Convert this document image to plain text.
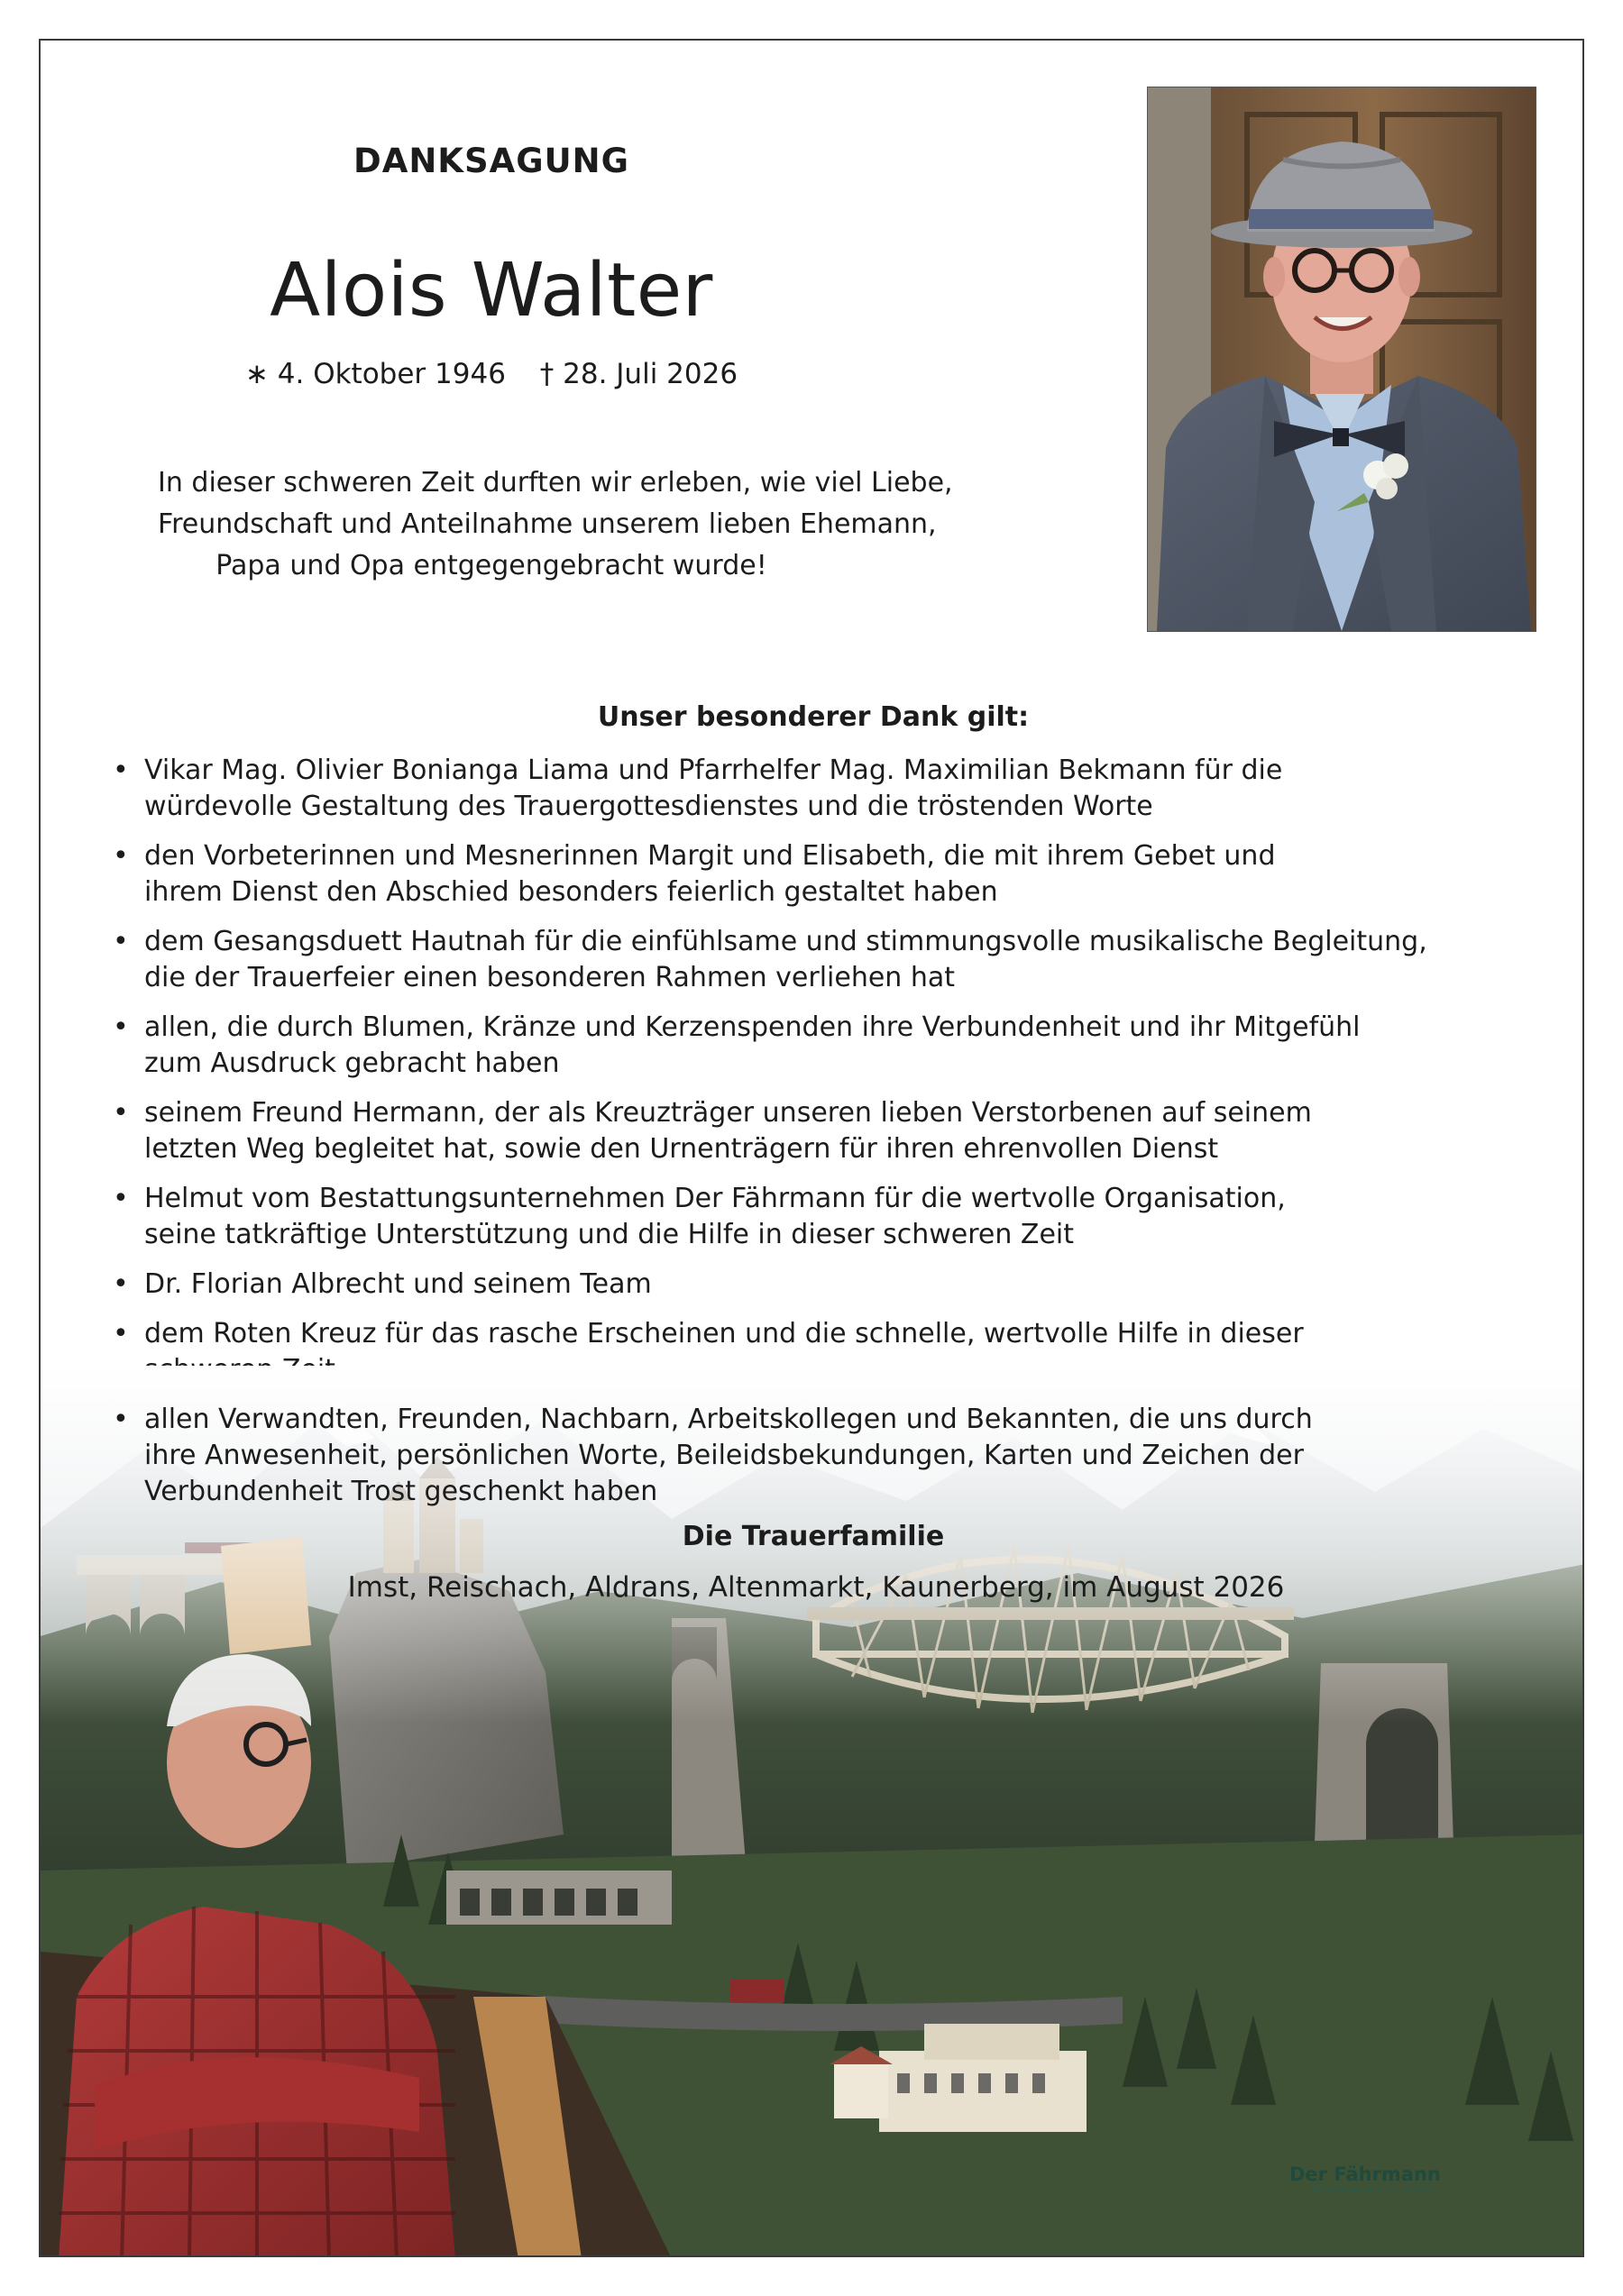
DANKSAGUNG
Alois Walter
∗ 4. Oktober 1946 † 28. Juli 2026
In dieser schweren Zeit durften wir erleben, wie viel Liebe,
Freundschaft und Anteilnahme unserem lieben Ehemann,
Papa und Opa entgegengebracht wurde!
Unser besonderer Dank gilt:
• Vikar Mag. Olivier Bonianga Liama und Pfarrhelfer Mag. Maximilian Bekmann für die
würdevolle Gestaltung des Trauergottesdienstes und die tröstenden Worte
• den Vorbeterinnen und Mesnerinnen Margit und Elisabeth, die mit ihrem Gebet und
ihrem Dienst den Abschied besonders feierlich gestaltet haben
• dem Gesangsduett Hautnah für die einfühlsame und stimmungsvolle musikalische Begleitung,
die der Trauerfeier einen besonderen Rahmen verliehen hat
• allen, die durch Blumen, Kränze und Kerzenspenden ihre Verbundenheit und ihr Mitgefühl
zum Ausdruck gebracht haben
• seinem Freund Hermann, der als Kreuzträger unseren lieben Verstorbenen auf seinem
letzten Weg begleitet hat, sowie den Urnenträgern für ihren ehrenvollen Dienst
• Helmut vom Bestattungsunternehmen Der Fährmann für die wertvolle Organisation,
seine tatkräftige Unterstützung und die Hilfe in dieser schweren Zeit
• Dr. Florian Albrecht und seinem Team
• dem Roten Kreuz für das rasche Erscheinen und die schnelle, wertvolle Hilfe in dieser
• allen Verwandten, Freunden, Nachbarn, Arbeitskollegen und Bekannten, die uns durch
ihre Anwesenheit, persönlichen Worte, Beileidsbekundungen, Karten und Zeichen der
Verbundenheit Trost geschenkt haben
Die Trauerfamilie
Imst, Reischach, Aldrans, Altenmarkt, Kaunerberg, im August 2026
Der Fährmann
Bestattung und Trauerhilfe
